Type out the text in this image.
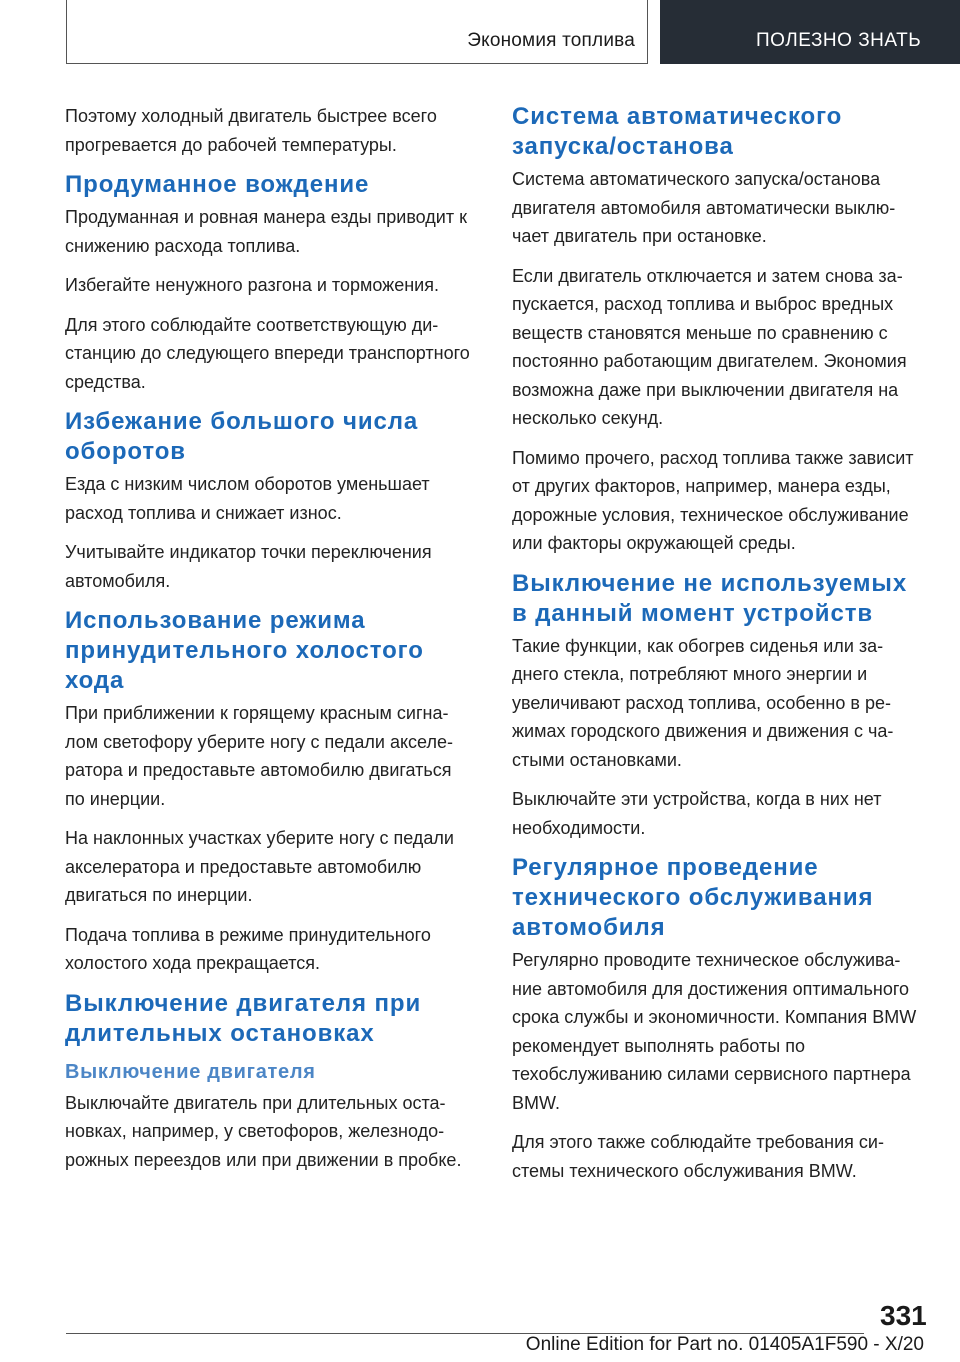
Экономия топлива	ПОЛЕЗНО ЗНАТЬ

Поэтому холодный двигатель быстрее всего прогревается до рабочей температуры.

Продуманное вождение

Продуманная и ровная манера езды приводит к снижению расхода топлива.

Избегайте ненужного разгона и торможения.

Для этого соблюдайте соответствующую дистанцию до следующего впереди транспортного средства.

Избежание большого числа оборотов

Езда с низким числом оборотов уменьшает расход топлива и снижает износ.

Учитывайте индикатор точки переключения автомобиля.

Использование режима принудительного холостого хода

При приближении к горящему красным сигналом светофору уберите ногу с педали акселератора и предоставьте автомобилю двигаться по инерции.

На наклонных участках уберите ногу с педали акселератора и предоставьте автомобилю двигаться по инерции.

Подача топлива в режиме принудительного холостого хода прекращается.

Выключение двигателя при длительных остановках
Выключение двигателя

Выключайте двигатель при длительных остановках, например, у светофоров, железнодорожных переездов или при движении в пробке.

Система автоматического запуска/останова

Система автоматического запуска/останова двигателя автомобиля автоматически выключает двигатель при остановке.

Если двигатель отключается и затем снова запускается, расход топлива и выброс вредных веществ становятся меньше по сравнению с постоянно работающим двигателем. Экономия возможна даже при выключении двигателя на несколько секунд.

Помимо прочего, расход топлива также зависит от других факторов, например, манера езды, дорожные условия, техническое обслуживание или факторы окружающей среды.

Выключение не используемых в данный момент устройств

Такие функции, как обогрев сиденья или заднего стекла, потребляют много энергии и увеличивают расход топлива, особенно в режимах городского движения и движения с частыми остановками.

Выключайте эти устройства, когда в них нет необходимости.

Регулярное проведение технического обслуживания автомобиля

Регулярно проводите техническое обслуживание автомобиля для достижения оптимального срока службы и экономичности. Компания BMW рекомендует выполнять работы по техобслуживанию силами сервисного партнера BMW.

Для этого также соблюдайте требования системы технического обслуживания BMW.

331
Online Edition for Part no. 01405A1F590 - X/20
